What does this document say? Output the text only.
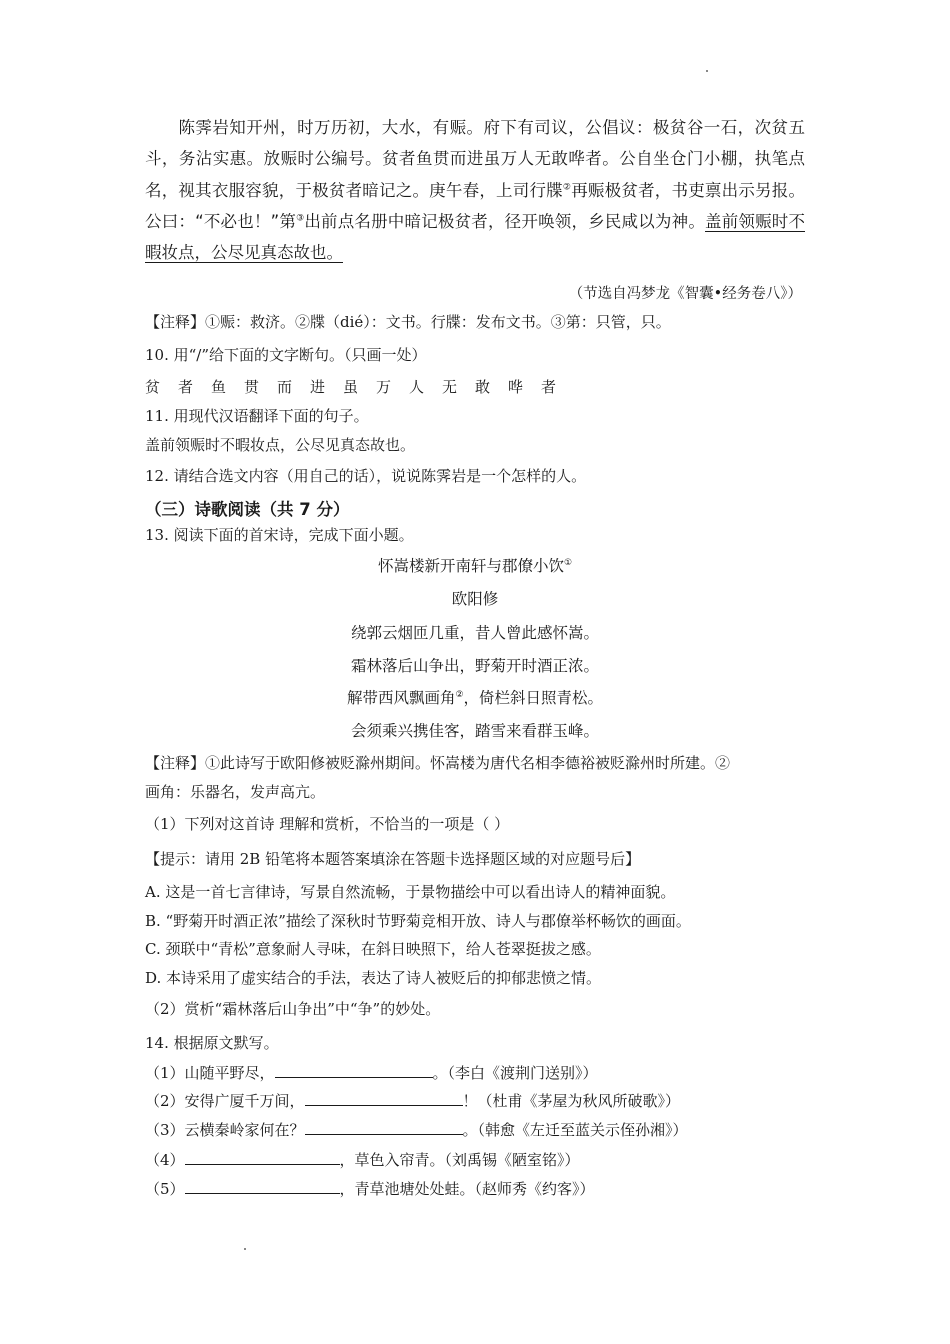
陈霁岩知开州，时万历初，大水，有赈。府下有司议，公倡议：极贫谷一石，次贫五斗，务沾实惠。放赈时公编号。贫者鱼贯而进虽万人无敢哗者。公自坐仓门小棚，执笔点名，视其衣服容貌，于极贫者暗记之。庚午春，上司行牒②再赈极贫者，书吏禀出示另报。公曰：“不必也！”第③出前点名册中暗记极贫者，径开唤领，乡民咸以为神。盖前领赈时不暇妆点，公尽见真态故也。
（节选自冯梦龙《智囊•经务卷八》）
【注释】①赈：救济。②牒（dié）：文书。行牒：发布文书。③第：只管，只。
10. 用“/”给下面的文字断句。（只画一处）
贫 者 鱼 贯 而 进 虽 万 人 无 敢 哗 者
11. 用现代汉语翻译下面的句子。
盖前领赈时不暇妆点，公尽见真态故也。
12. 请结合选文内容（用自己的话），说说陈霁岩是一个怎样的人。
（三）诗歌阅读（共 7 分）
13. 阅读下面的首宋诗，完成下面小题。
怀嵩楼新开南轩与郡僚小饮①
欧阳修
绕郭云烟匝几重，昔人曾此感怀嵩。
霜林落后山争出，野菊开时酒正浓。
解带西风飘画角②，倚栏斜日照青松。
会须乘兴携佳客，踏雪来看群玉峰。
【注释】①此诗写于欧阳修被贬滁州期间。怀嵩楼为唐代名相李德裕被贬滁州时所建。②
画角：乐器名，发声高亢。
（1）下列对这首诗 理解和赏析，不恰当的一项是（ ）
【提示：请用 2B 铅笔将本题答案填涂在答题卡选择题区域的对应题号后】
A. 这是一首七言律诗，写景自然流畅，于景物描绘中可以看出诗人的精神面貌。
B. “野菊开时酒正浓”描绘了深秋时节野菊竞相开放、诗人与郡僚举杯畅饮的画面。
C. 颈联中“青松”意象耐人寻味，在斜日映照下，给人苍翠挺拔之感。
D. 本诗采用了虚实结合的手法，表达了诗人被贬后的抑郁悲愤之情。
（2）赏析“霜林落后山争出”中“争”的妙处。
14. 根据原文默写。
（1）山随平野尽，	。（李白《渡荆门送别》）
（2）安得广厦千万间，	！（杜甫《茅屋为秋风所破歌》）
（3）云横秦岭家何在？	。（韩愈《左迁至蓝关示侄孙湘》）
（4）	，草色入帘青。（刘禹锡《陋室铭》）
（5）	，青草池塘处处蛙。（赵师秀《约客》）
